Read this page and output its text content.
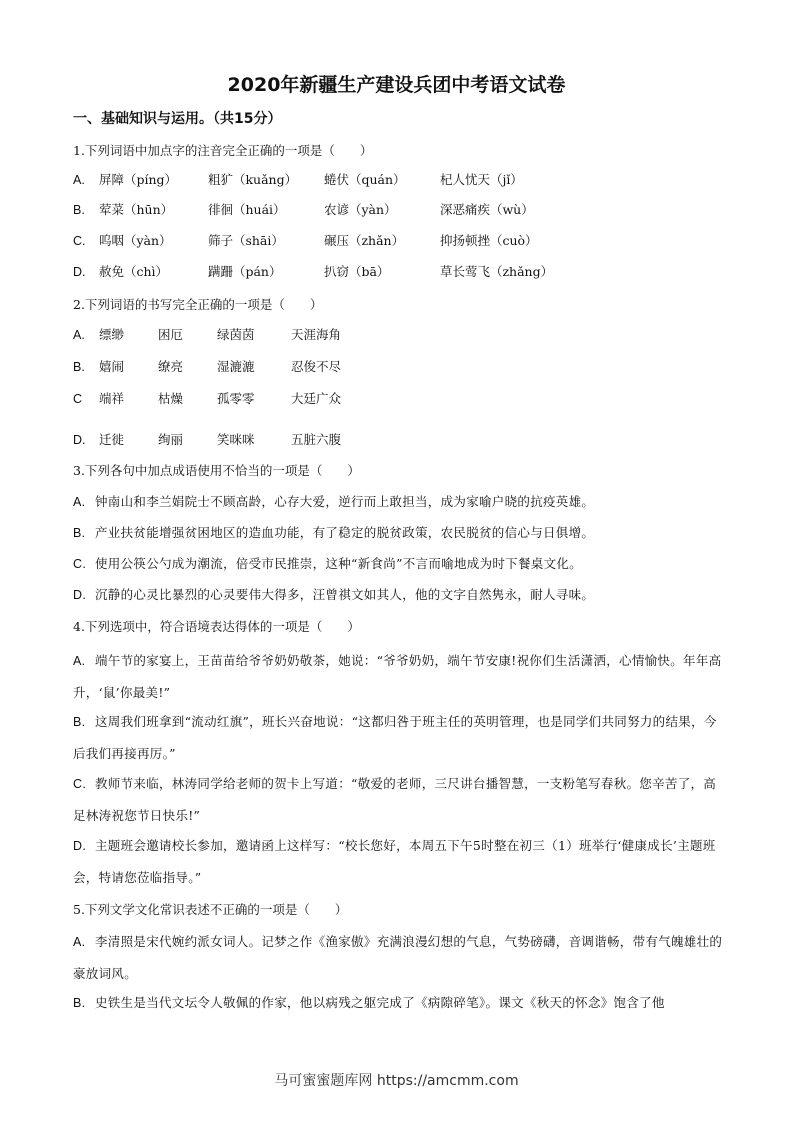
2020年新疆生产建设兵团中考语文试卷
一、基础知识与运用。（共15分）
1.下列词语中加点字的注音完全正确的一项是（　　）
A. 屏障（píng） 粗犷（kuǎng） 蜷伏（quán）	杞人忧天（jǐ）
B. 荤菜（hūn）	徘徊（huái）	农谚（yàn）	深恶痛疾（wù）
C. 呜咽（yàn）	筛子（shāi）	碾压（zhǎn）	抑扬顿挫（cuò）
D. 赦免（chì）	蹒跚（pán）	扒窃（bā）	草长莺飞（zhǎng）
2.下列词语的书写完全正确的一项是（　　）
A. 缥缈	困厄	绿茵茵	天涯海角
B. 嬉闹	缭亮	湿漉漉	忍俊不尽
C 端祥	枯燥	孤零零	大廷广众
D. 迁徙	绚丽	笑咪咪	五脏六腹
3.下列各句中加点成语使用不恰当的一项是（　　）
A. 钟南山和李兰娟院士不顾高龄，心存大爱，逆行而上敢担当，成为家喻户晓的抗疫英雄。
B. 产业扶贫能增强贫困地区的造血功能，有了稳定的脱贫政策，农民脱贫的信心与日俱增。
C. 使用公筷公勺成为潮流，倍受市民推崇，这种“新食尚”不言而喻地成为时下餐桌文化。
D. 沉静的心灵比暴烈的心灵要伟大得多，汪曾祺文如其人，他的文字自然隽永，耐人寻味。
4.下列选项中，符合语境表达得体的一项是（　　）
A. 端午节的家宴上，王苗苗给爷爷奶奶敬茶，她说：“爷爷奶奶，端午节安康!祝你们生活潇洒，心情愉快。年年高升，‘鼠’你最美!”
B. 这周我们班拿到“流动红旗”，班长兴奋地说：“这都归咎于班主任的英明管理，也是同学们共同努力的结果，今后我们再接再厉。”
C. 教师节来临，林涛同学给老师的贺卡上写道：“敬爱的老师，三尺讲台播智慧，一支粉笔写春秋。您辛苦了，高足林涛祝您节日快乐!”
D. 主题班会邀请校长参加，邀请函上这样写：“校长您好，本周五下午5时整在初三（1）班举行‘健康成长’主题班会，特请您莅临指导。”
5.下列文学文化常识表述不正确的一项是（　　）
A. 李清照是宋代婉约派女词人。记梦之作《渔家傲》充满浪漫幻想的气息，气势磅礴，音调谐畅，带有气魄雄壮的豪放词风。
B. 史铁生是当代文坛令人敬佩的作家，他以病残之躯完成了《病隙碎笔》。课文《秋天的怀念》饱含了他
马可蜜蜜题库网 https://amcmm.com
